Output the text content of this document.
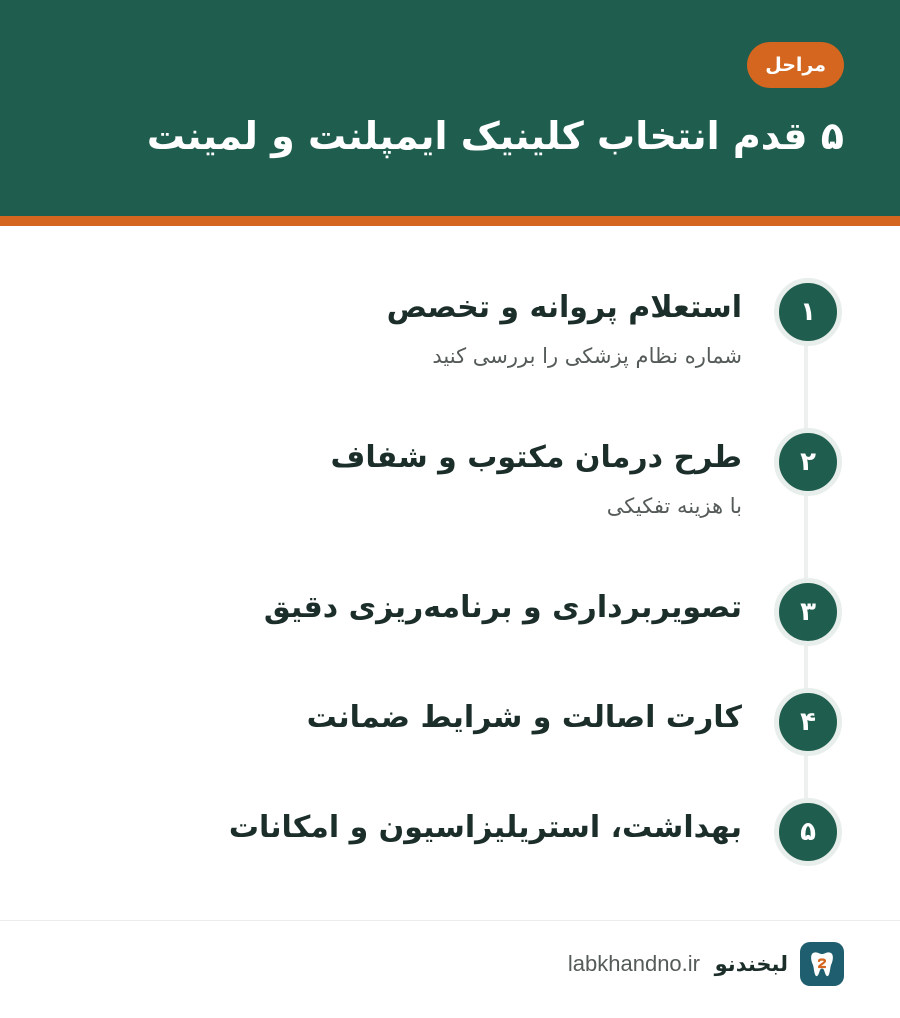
مراحل
۵ قدم انتخاب کلینیک ایمپلنت و لمینت
۱
استعلام پروانه و تخصص
شماره نظام پزشکی را بررسی کنید
۲
طرح درمان مکتوب و شفاف
با هزینه تفکیکی
۳
تصویربرداری و برنامه‌ریزی دقیق
۴
کارت اصالت و شرایط ضمانت
۵
بهداشت، استریلیزاسیون و امکانات
لبخندنو
labkhandno.ir
